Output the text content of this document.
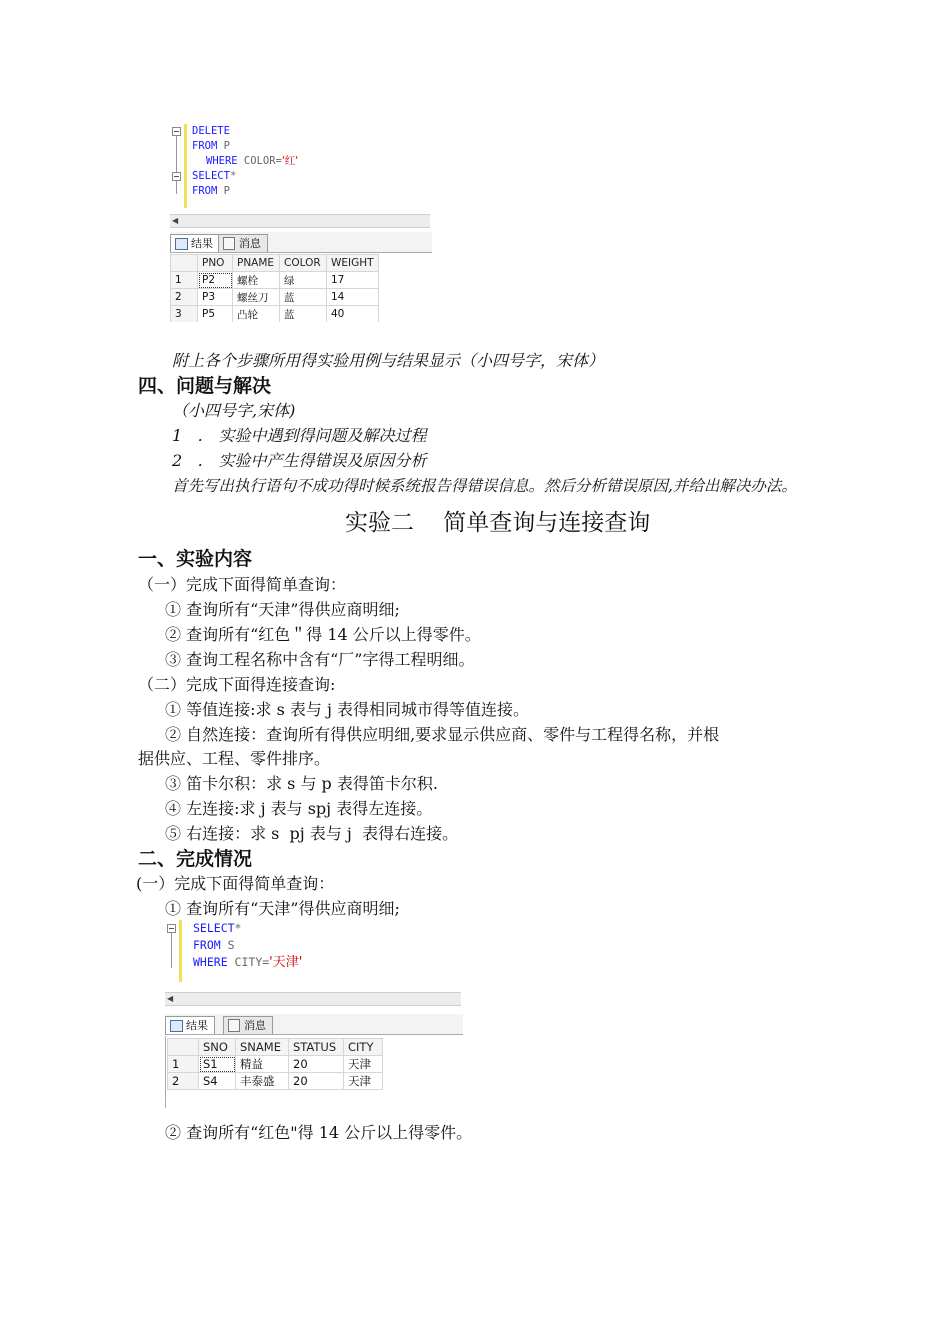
DELETE
FROM P
WHERE COLOR='红'
SELECT*
FROM P
◀
结果	消息
	PNO	PNAME	COLOR	WEIGHT
1	P2	螺栓	绿	17
2	P3	螺丝刀	蓝	14
3	P5	凸轮	蓝	40
附上各个步骤所用得实验用例与结果显示（小四号字，宋体）
四、问题与解决
（小四号字,宋体)
1 ． 实验中遇到得问题及解决过程
2 ． 实验中产生得错误及原因分析
首先写出执行语句不成功得时候系统报告得错误信息。然后分析错误原因,并给出解决办法。
实验二    简单查询与连接查询
一、实验内容
（一）完成下面得简单查询：
① 查询所有“天津”得供应商明细;
② 查询所有“红色＂得 14 公斤以上得零件。
③ 查询工程名称中含有“厂”字得工程明细。
（二）完成下面得连接查询:
① 等值连接:求 s 表与 j 表得相同城市得等值连接。
② 自然连接：查询所有得供应明细,要求显示供应商、零件与工程得名称，并根
据供应、工程、零件排序。
③ 笛卡尔积：求 s 与 p 表得笛卡尔积.
④ 左连接:求 j 表与 spj 表得左连接。
⑤ 右连接：求 s  pj 表与 j  表得右连接。
二、完成情况
(一）完成下面得简单查询：
① 查询所有“天津”得供应商明细;
SELECT*
FROM S
WHERE CITY='天津'
◀
结果	消息
	SNO	SNAME	STATUS	CITY
1	S1	精益	20	天津
2	S4	丰泰盛	20	天津
② 查询所有“红色"得 14 公斤以上得零件。
